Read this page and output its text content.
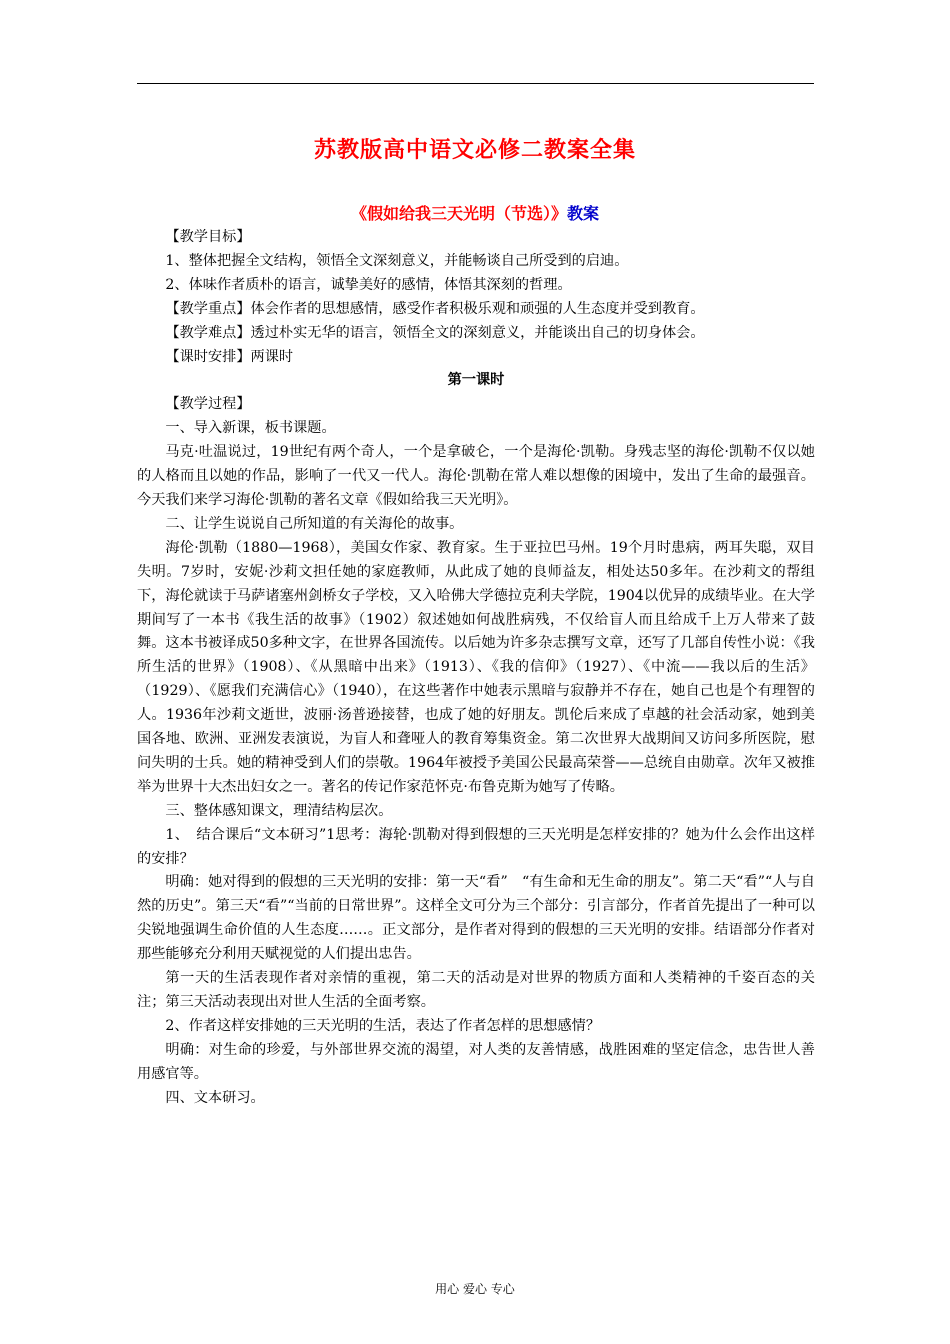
苏教版高中语文必修二教案全集
《假如给我三天光明（节选）》教案

【教学目标】

1、整体把握全文结构，领悟全文深刻意义，并能畅谈自己所受到的启迪。

2、体味作者质朴的语言，诚挚美好的感情，体悟其深刻的哲理。

【教学重点】体会作者的思想感情，感受作者积极乐观和顽强的人生态度并受到教育。

【教学难点】透过朴实无华的语言，领悟全文的深刻意义，并能谈出自己的切身体会。

【课时安排】两课时

第一课时

【教学过程】

一、导入新课，板书课题。

马克·吐温说过，19世纪有两个奇人，一个是拿破仑，一个是海伦·凯勒。身残志坚的海伦·凯勒不仅以她的人格而且以她的作品，影响了一代又一代人。海伦·凯勒在常人难以想像的困境中，发出了生命的最强音。今天我们来学习海伦·凯勒的著名文章《假如给我三天光明》。

二、让学生说说自己所知道的有关海伦的故事。

海伦·凯勒（1880—1968），美国女作家、教育家。生于亚拉巴马州。19个月时患病，两耳失聪，双目失明。7岁时，安妮·沙莉文担任她的家庭教师，从此成了她的良师益友，相处达50多年。在沙莉文的帮组下，海伦就读于马萨诸塞州剑桥女子学校，又入哈佛大学德拉克利夫学院，1904以优异的成绩毕业。在大学期间写了一本书《我生活的故事》（1902）叙述她如何战胜病残，不仅给盲人而且给成千上万人带来了鼓舞。这本书被译成50多种文字，在世界各国流传。以后她为许多杂志撰写文章，还写了几部自传性小说：《我所生活的世界》（1908）、《从黑暗中出来》（1913）、《我的信仰》（1927）、《中流——我以后的生活》（1929）、《愿我们充满信心》（1940），在这些著作中她表示黑暗与寂静并不存在，她自己也是个有理智的人。1936年沙莉文逝世，波丽·汤普逊接替，也成了她的好朋友。凯伦后来成了卓越的社会活动家，她到美国各地、欧洲、亚洲发表演说，为盲人和聋哑人的教育筹集资金。第二次世界大战期间又访问多所医院，慰问失明的士兵。她的精神受到人们的崇敬。1964年被授予美国公民最高荣誉——总统自由勋章。次年又被推举为世界十大杰出妇女之一。著名的传记作家范怀克·布鲁克斯为她写了传略。

三、整体感知课文，理清结构层次。

1、　结合课后“文本研习”1思考：海轮·凯勒对得到假想的三天光明是怎样安排的？她为什么会作出这样的安排？

明确：她对得到的假想的三天光明的安排：第一天“看”　“有生命和无生命的朋友”。第二天“看”“人与自然的历史”。第三天“看”“当前的日常世界”。这样全文可分为三个部分：引言部分，作者首先提出了一种可以尖锐地强调生命价值的人生态度……。正文部分，是作者对得到的假想的三天光明的安排。结语部分作者对那些能够充分利用天赋视觉的人们提出忠告。

第一天的生活表现作者对亲情的重视，第二天的活动是对世界的物质方面和人类精神的千姿百态的关注；第三天活动表现出对世人生活的全面考察。

2、作者这样安排她的三天光明的生活，表达了作者怎样的思想感情？

明确：对生命的珍爱，与外部世界交流的渴望，对人类的友善情感，战胜困难的坚定信念，忠告世人善用感官等。

四、文本研习。

用心 爱心 专心
